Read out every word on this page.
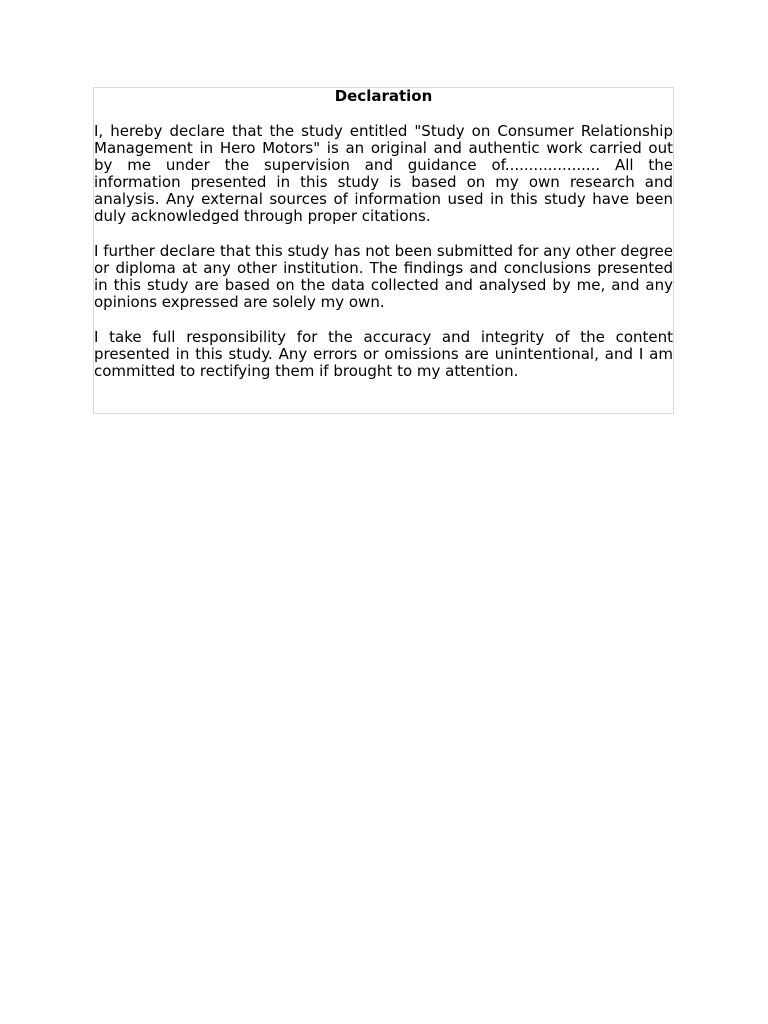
Declaration

I, hereby declare that the study entitled "Study on Consumer Relationship Management in Hero Motors" is an original and authentic work carried out by me under the supervision and guidance of.................... All the information presented in this study is based on my own research and analysis. Any external sources of information used in this study have been duly acknowledged through proper citations.

I further declare that this study has not been submitted for any other degree or diploma at any other institution. The findings and conclusions presented in this study are based on the data collected and analysed by me, and any opinions expressed are solely my own.

I take full responsibility for the accuracy and integrity of the content presented in this study. Any errors or omissions are unintentional, and I am committed to rectifying them if brought to my attention.
